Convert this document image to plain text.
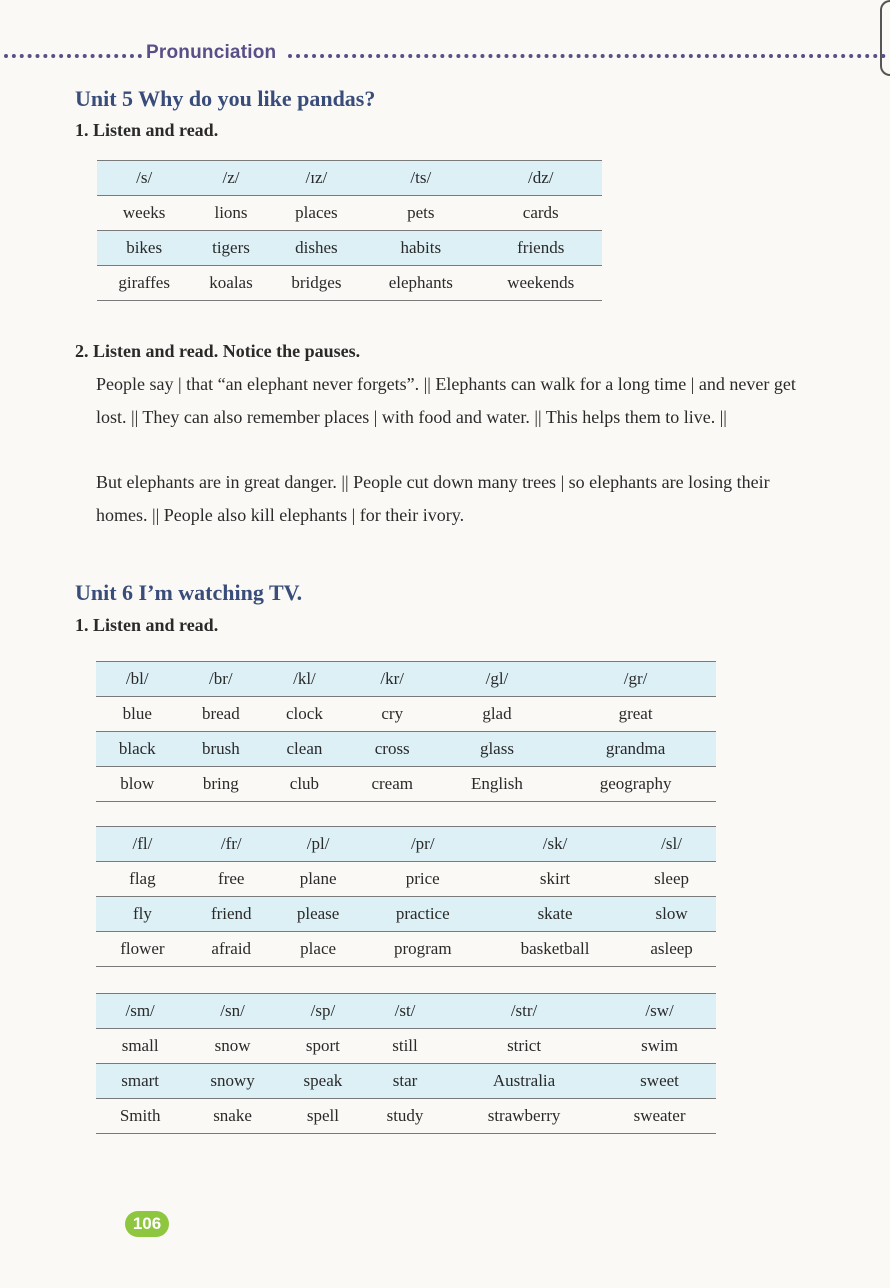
Pronunciation
Unit 5 Why do you like pandas?
1. Listen and read.
/s/	/z/	/ɪz/	/ts/	/dz/
weeks	lions	places	pets	cards
bikes	tigers	dishes	habits	friends
giraffes	koalas	bridges	elephants	weekends
2. Listen and read. Notice the pauses.
People say | that “an elephant never forgets”. || Elephants can walk for a long time | and never get lost. || They can also remember places | with food and water. || This helps them to live. ||
But elephants are in great danger. || People cut down many trees | so elephants are losing their homes. || People also kill elephants | for their ivory.
Unit 6 I’m watching TV.
1. Listen and read.
/bl/	/br/	/kl/	/kr/	/gl/	/gr/
blue	bread	clock	cry	glad	great
black	brush	clean	cross	glass	grandma
blow	bring	club	cream	English	geography
/fl/	/fr/	/pl/	/pr/	/sk/	/sl/
flag	free	plane	price	skirt	sleep
fly	friend	please	practice	skate	slow
flower	afraid	place	program	basketball	asleep
/sm/	/sn/	/sp/	/st/	/str/	/sw/
small	snow	sport	still	strict	swim
smart	snowy	speak	star	Australia	sweet
Smith	snake	spell	study	strawberry	sweater
106
